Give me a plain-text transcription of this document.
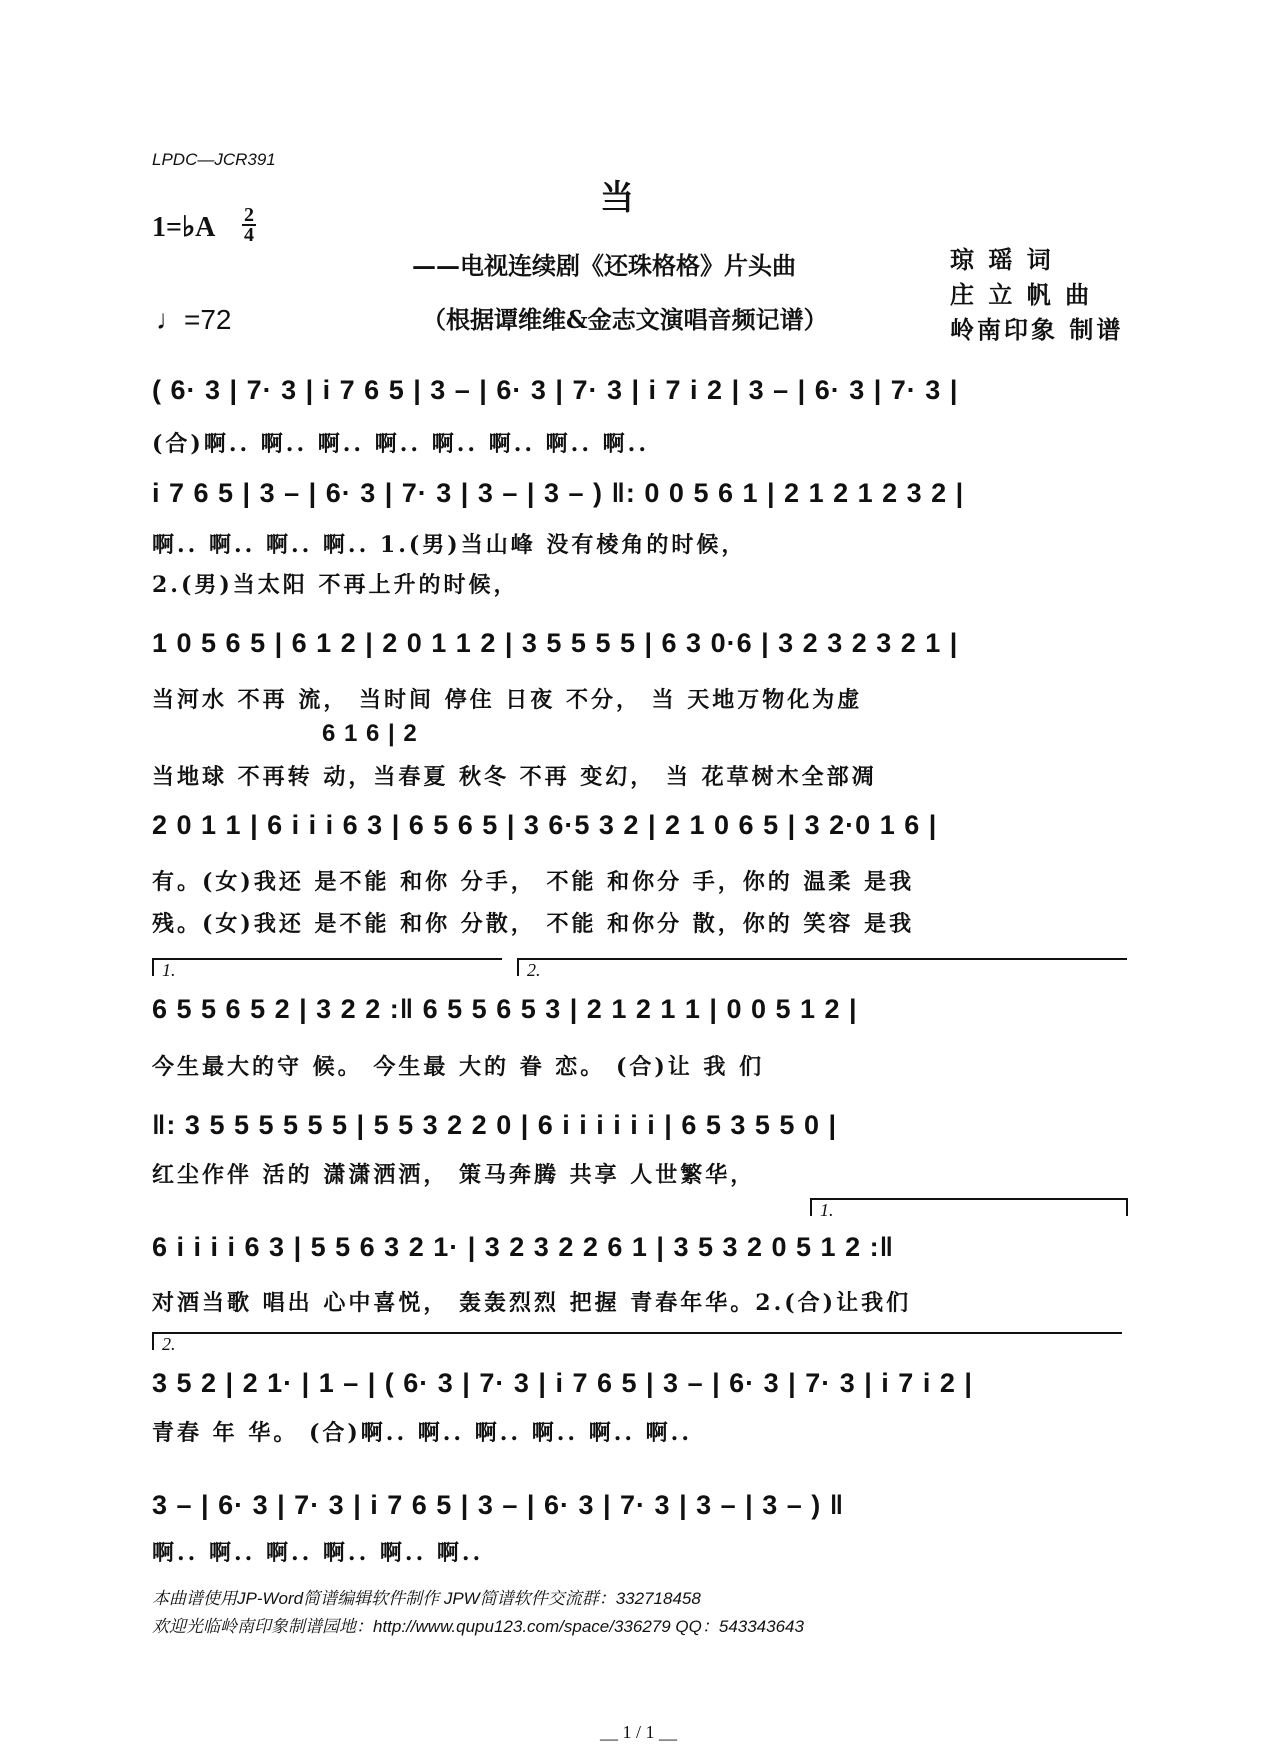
LPDC—JCR391
当
1=♭A 2
4
♩=72
——电视连续剧《还珠格格》片头曲
（根据谭维维&金志文演唱音频记谱）
琼 瑶 词
庄 立 帆 曲
岭南印象 制谱
( 6· 3 | 7· 3 | i 7 6 5 | 3 – | 6· 3 | 7· 3 | i 7 i 2 | 3 – | 6· 3 | 7· 3 |
(合)啊.. 啊.. 啊.. 啊.. 啊.. 啊.. 啊.. 啊..
i 7 6 5 | 3 – | 6· 3 | 7· 3 | 3 – | 3 – ) ‖: 0 0 5 6 1 | 2 1 2 1 2 3 2 |
啊.. 啊.. 啊.. 啊.. 1.(男)当山峰 没有棱角的时候，
2.(男)当太阳 不再上升的时候，
1 0 5 6 5 | 6 1 2 | 2 0 1 1 2 | 3 5 5 5 5 | 6 3 0·6 | 3 2 3 2 3 2 1 |
当河水 不再 流， 当时间 停住 日夜 不分， 当 天地万物化为虚
6 1 6 | 2
当地球 不再转 动，当春夏 秋冬 不再 变幻， 当 花草树木全部凋
2 0 1 1 | 6 i i i 6 3 | 6 5 6 5 | 3 6·5 3 2 | 2 1 0 6 5 | 3 2·0 1 6 |
有。(女)我还 是不能 和你 分手， 不能 和你分 手，你的 温柔 是我
残。(女)我还 是不能 和你 分散， 不能 和你分 散，你的 笑容 是我
1.	2.
6 5 5 6 5 2 | 3 2 2 :‖ 6 5 5 6 5 3 | 2 1 2 1 1 | 0 0 5 1 2 |
今生最大的守 候。 今生最 大的 眷 恋。 (合)让 我 们
‖: 3 5 5 5 5 5 5 | 5 5 3 2 2 0 | 6 i i i i i i | 6 5 3 5 5 0 |
红尘作伴 活的 潇潇洒洒， 策马奔腾 共享 人世繁华，
1.
6 i i i i 6 3 | 5 5 6 3 2 1· | 3 2 3 2 2 6 1 | 3 5 3 2 0 5 1 2 :‖
对酒当歌 唱出 心中喜悦， 轰轰烈烈 把握 青春年华。2.(合)让我们
2.
3 5 2 | 2 1· | 1 – | ( 6· 3 | 7· 3 | i 7 6 5 | 3 – | 6· 3 | 7· 3 | i 7 i 2 |
青春 年 华。 (合)啊.. 啊.. 啊.. 啊.. 啊.. 啊..
3 – | 6· 3 | 7· 3 | i 7 6 5 | 3 – | 6· 3 | 7· 3 | 3 – | 3 – ) ‖
啊.. 啊.. 啊.. 啊.. 啊.. 啊..
本曲谱使用JP-Word简谱编辑软件制作 JPW简谱软件交流群：332718458
欢迎光临岭南印象制谱园地：http://www.qupu123.com/space/336279 QQ：543343643
__ 1 / 1 __
